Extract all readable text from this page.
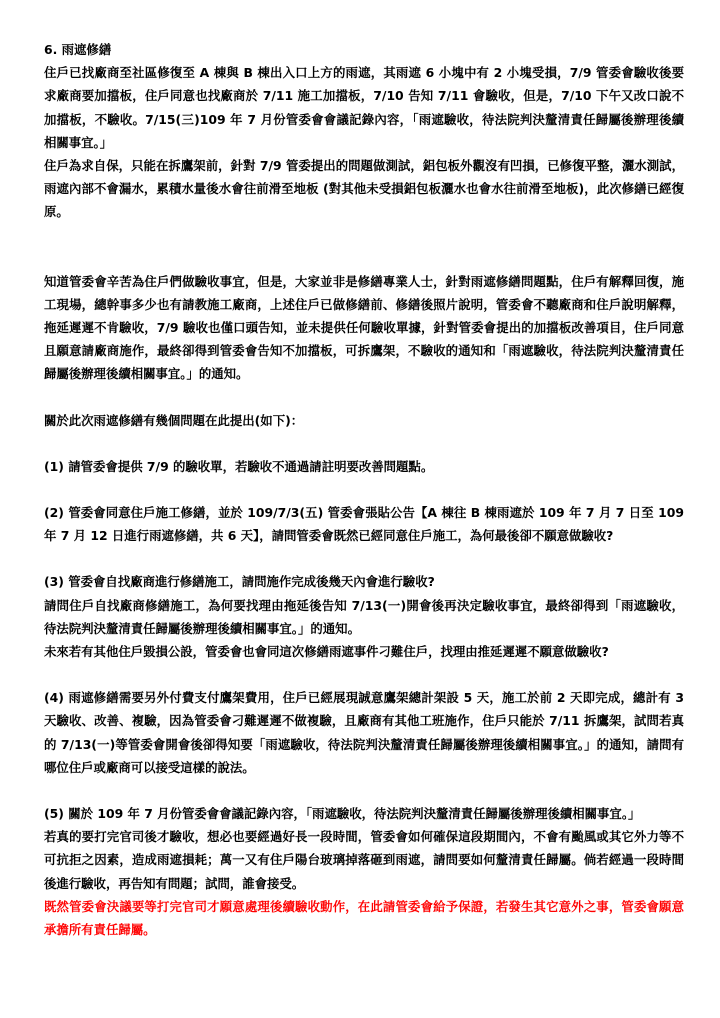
6. 雨遮修繕

住戶已找廠商至社區修復至 A 棟與 B 棟出入口上方的雨遮，其雨遮 6 小塊中有 2 小塊受損，7/9 管委會驗收後要求廠商要加擋板，住戶同意也找廠商於 7/11 施工加擋板，7/10 告知 7/11 會驗收，但是，7/10 下午又改口說不加擋板，不驗收。7/15(三)109 年 7 月份管委會會議記錄內容，「雨遮驗收，待法院判決釐清責任歸屬後辦理後續相關事宜。」

住戶為求自保，只能在拆鷹架前，針對 7/9 管委提出的問題做測試，鋁包板外觀沒有凹損，已修復平整，灑水測試，雨遮內部不會漏水，累積水量後水會往前滑至地板 (對其他未受損鋁包板灑水也會水往前滑至地板)，此次修繕已經復原。

知道管委會辛苦為住戶們做驗收事宜，但是，大家並非是修繕專業人士，針對雨遮修繕問題點，住戶有解釋回復，施工現場，總幹事多少也有請教施工廠商，上述住戶已做修繕前、修繕後照片說明，管委會不聽廠商和住戶說明解釋，拖延遲遲不肯驗收，7/9 驗收也僅口頭告知，並未提供任何驗收單據，針對管委會提出的加擋板改善項目，住戶同意且願意請廠商施作，最終卻得到管委會告知不加擋板，可拆鷹架，不驗收的通知和「雨遮驗收，待法院判決釐清責任歸屬後辦理後續相關事宜。」的通知。

關於此次雨遮修繕有幾個問題在此提出(如下)：

(1) 請管委會提供 7/9 的驗收單，若驗收不通過請註明要改善問題點。

(2) 管委會同意住戶施工修繕，並於 109/7/3(五) 管委會張貼公告【A 棟往 B 棟雨遮於 109 年 7 月 7 日至 109 年 7 月 12 日進行雨遮修繕，共 6 天】，請問管委會既然已經同意住戶施工，為何最後卻不願意做驗收?

(3) 管委會自找廠商進行修繕施工，請問施作完成後幾天內會進行驗收?

請問住戶自找廠商修繕施工，為何要找理由拖延後告知 7/13(一)開會後再決定驗收事宜，最終卻得到「雨遮驗收，待法院判決釐清責任歸屬後辦理後續相關事宜。」的通知。

未來若有其他住戶毀損公設，管委會也會同這次修繕雨遮事件刁難住戶，找理由推延遲遲不願意做驗收?

(4) 雨遮修繕需要另外付費支付鷹架費用，住戶已經展現誠意鷹架總計架設 5 天，施工於前 2 天即完成，總計有 3 天驗收、改善、複驗，因為管委會刁難遲遲不做複驗，且廠商有其他工班施作，住戶只能於 7/11 拆鷹架，試問若真的 7/13(一)等管委會開會後卻得知要「雨遮驗收，待法院判決釐清責任歸屬後辦理後續相關事宜。」的通知，請問有哪位住戶或廠商可以接受這樣的說法。

(5) 關於 109 年 7 月份管委會會議記錄內容，「雨遮驗收，待法院判決釐清責任歸屬後辦理後續相關事宜。」

若真的要打完官司後才驗收，想必也要經過好長一段時間，管委會如何確保這段期間內，不會有颱風或其它外力等不可抗拒之因素，造成雨遮損耗；萬一又有住戶陽台玻璃掉落砸到雨遮，請問要如何釐清責任歸屬。倘若經過一段時間後進行驗收，再告知有問題；試問，誰會接受。

既然管委會決議要等打完官司才願意處理後續驗收動作，在此請管委會給予保證，若發生其它意外之事，管委會願意承擔所有責任歸屬。
